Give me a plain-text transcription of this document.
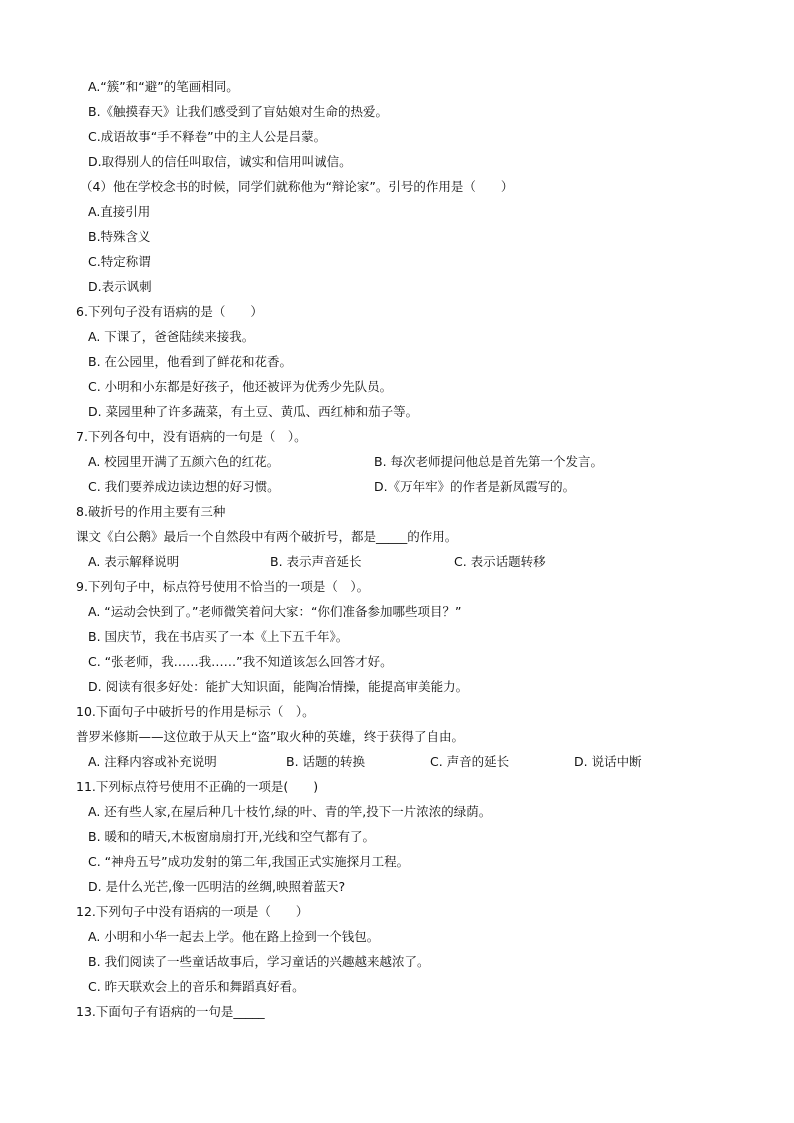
A.“簇”和“避”的笔画相同。
B.《触摸春天》让我们感受到了盲姑娘对生命的热爱。
C.成语故事“手不释卷”中的主人公是吕蒙。
D.取得别人的信任叫取信，诚实和信用叫诚信。
（4）他在学校念书的时候，同学们就称他为“辩论家”。引号的作用是（　　）
A.直接引用
B.特殊含义
C.特定称谓
D.表示讽刺
6.下列句子没有语病的是（　　）
A. 下课了，爸爸陆续来接我。
B. 在公园里，他看到了鲜花和花香。
C. 小明和小东都是好孩子，他还被评为优秀少先队员。
D. 菜园里种了许多蔬菜，有土豆、黄瓜、西红柿和茄子等。
7.下列各句中，没有语病的一句是（　）。
A. 校园里开满了五颜六色的红花。	B. 每次老师提问他总是首先第一个发言。
C. 我们要养成边读边想的好习惯。	D.《万年牢》的作者是新凤霞写的。
8.破折号的作用主要有三种
课文《白公鹅》最后一个自然段中有两个破折号，都是_____的作用。
A. 表示解释说明	B. 表示声音延长	C. 表示话题转移
9.下列句子中，标点符号使用不恰当的一项是（　）。
A. “运动会快到了。”老师微笑着问大家：“你们准备参加哪些项目？”
B. 国庆节，我在书店买了一本《上下五千年》。
C. “张老师，我……我……”我不知道该怎么回答才好。
D. 阅读有很多好处：能扩大知识面，能陶冶情操，能提高审美能力。
10.下面句子中破折号的作用是标示（　）。
普罗米修斯——这位敢于从天上“盗”取火种的英雄，终于获得了自由。
A. 注释内容或补充说明	B. 话题的转换	C. 声音的延长	D. 说话中断
11.下列标点符号使用不正确的一项是(　　)
A. 还有些人家,在屋后种几十枝竹,绿的叶、青的竿,投下一片浓浓的绿荫。
B. 暖和的晴天,木板窗扇扇打开,光线和空气都有了。
C. “神舟五号”成功发射的第二年,我国正式实施探月工程。
D. 是什么光芒,像一匹明洁的丝绸,映照着蓝天?
12.下列句子中没有语病的一项是（　　）
A. 小明和小华一起去上学。他在路上捡到一个钱包。
B. 我们阅读了一些童话故事后，学习童话的兴趣越来越浓了。
C. 昨天联欢会上的音乐和舞蹈真好看。
13.下面句子有语病的一句是_____
